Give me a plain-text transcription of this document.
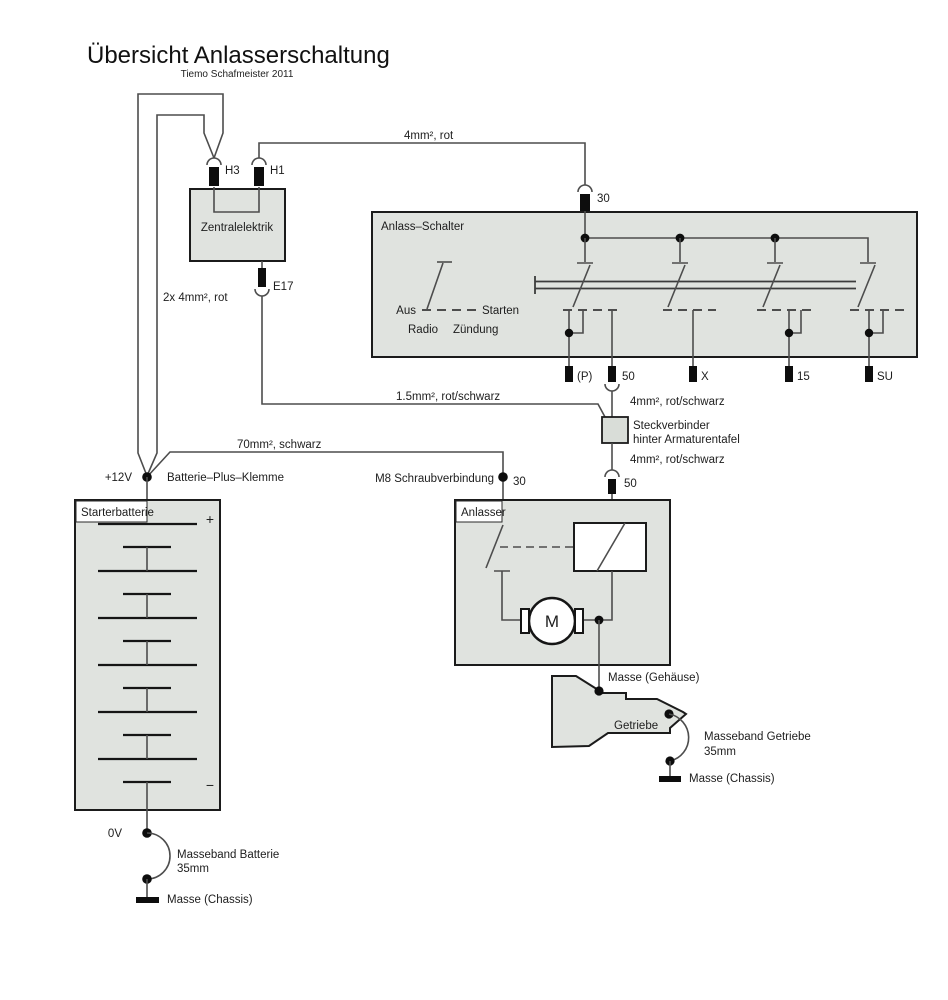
Übersicht Anlasserschaltung
Tiemo Schafmeister 2011
2x 4mm², rot
4mm², rot
Zentralelektrik
H3	H1
E17
1.5mm², rot/schwarz
Anlass–Schalter
30
Aus	Starten
Radio Zündung
(P)	50	X	15	SU
4mm², rot/schwarz
Steckverbinder
hinter Armaturentafel
4mm², rot/schwarz
50
70mm², schwarz
+12V	Batterie–Plus–Klemme	M8 Schraubverbindung 30
Starterbatterie	+
−
0V
Masseband Batterie
35mm
Masse (Chassis)
Anlasser
M
Masse (Gehäuse)
Getriebe
Masseband Getriebe
35mm
Masse (Chassis)
